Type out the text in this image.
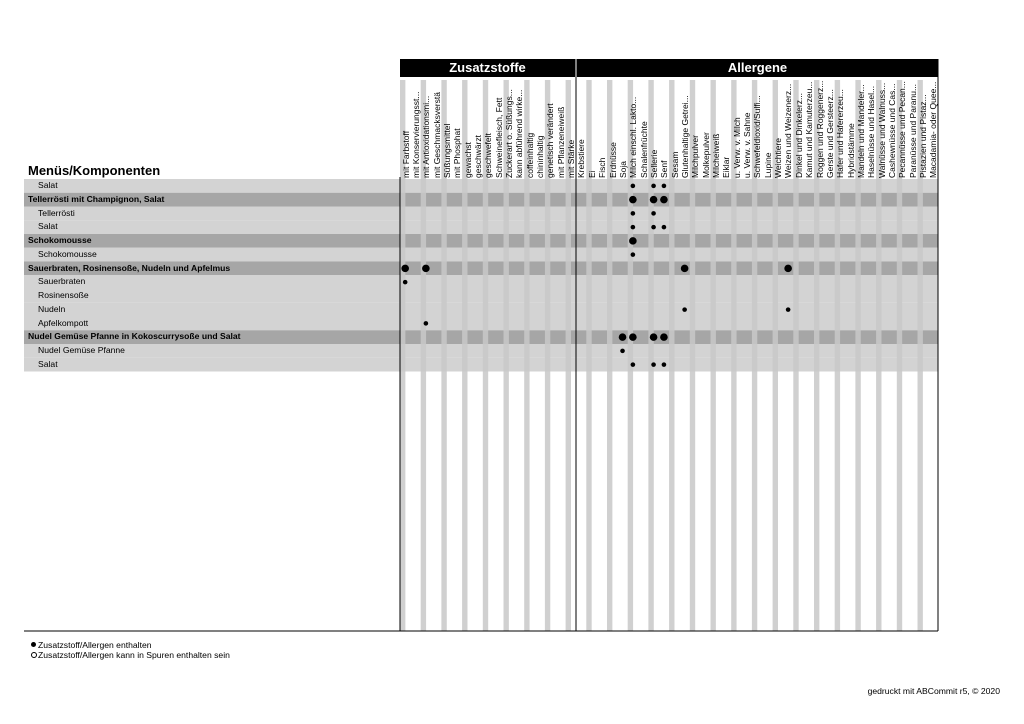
Zusatzstoffe	Allergene
mit Farbstoff mit Konservierungsst... mit Antioxidationsmi... mit Geschmacksverstä Süßungsmittel mit Phosphat gewachst geschwärzt geschwefelt Schweinefleisch, Fett Zuckerart o. Süßungs... kann abführend wirke... coffeinhaltig chininhaltig genetisch verändert mit Pflanzeneiweiß mit Stärke Krebstiere Ei Fisch Erdnüsse Soja Milch einschl. Lakto... Schalenfrüchte Sellerie Senf Sesam Glutenhaltige Getrei... Milchpulver Molkepulver Milcheiweiß Eiklar u. Verw. v. Milch u. Verw. v. Sahne Schwefeldioxid/Sulfi... Lupine Weichtiere Weizen und Weizenerz... Dinkel und Dinkelerz... Kamut und Kamuterzeu... Roggen und Roggenerz... Gerste und Gersteerz... Hafer und Hafererzeu... Hybridstämme Mandeln und Mandeler... Haselnüsse und Hasel... Walnüsse und Walnuss... Cashewnüsse und Cas... Pecannüsse und Pecan... Paranüsse und Paranu... Pistazien und Pistaz... Macadamia- oder Quee...
Menüs/Komponenten
Salat
Tellerrösti mit Champignon, Salat
Tellerrösti
Salat
Schokomousse
Schokomousse
Sauerbraten, Rosinensoße, Nudeln und Apfelmus
Sauerbraten
Rosinensoße
Nudeln
Apfelkompott
Nudel Gemüse Pfanne in Kokoscurrysoße und Salat
Nudel Gemüse Pfanne
Salat
Zusatzstoff/Allergen enthalten
Zusatzstoff/Allergen kann in Spuren enthalten sein
gedruckt mit ABCommit r5, © 2020
